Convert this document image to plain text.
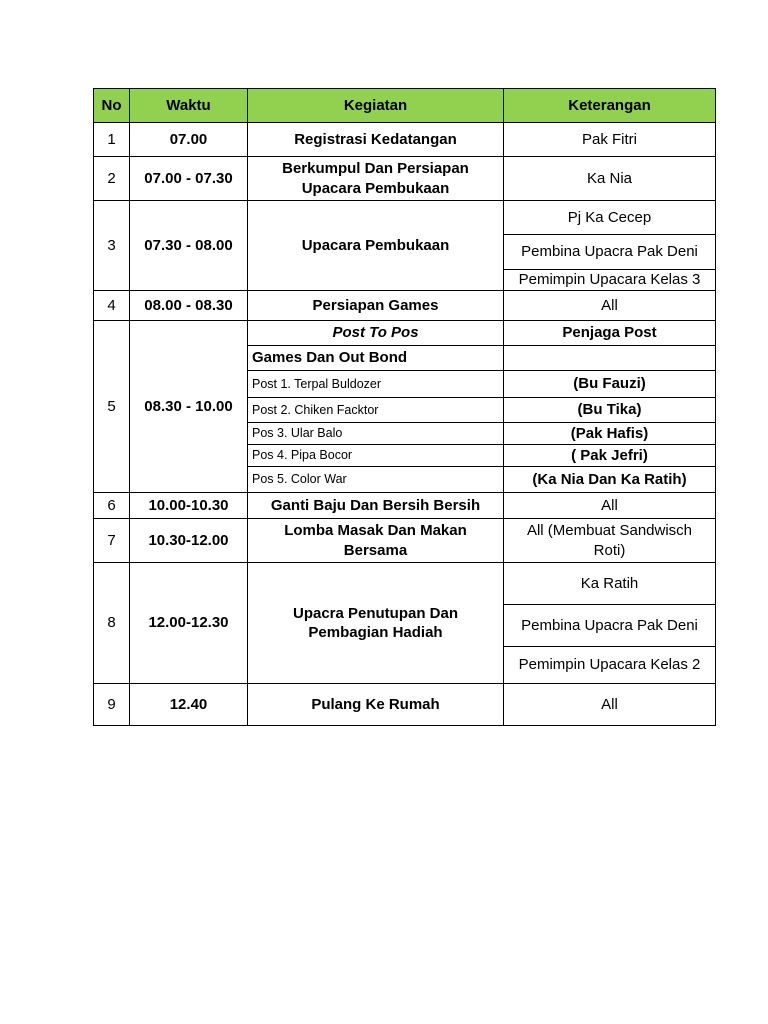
No	Waktu	Kegiatan	Keterangan
1	07.00	Registrasi Kedatangan	Pak Fitri
2	07.00 - 07.30	Berkumpul Dan Persiapan Upacara Pembukaan	Ka Nia
3	07.30 - 08.00	Upacara Pembukaan	Pj Ka Cecep
			Pembina Upacra Pak Deni
			Pemimpin Upacara Kelas 3
4	08.00 - 08.30	Persiapan Games	All
5	08.30 - 10.00	Post To Pos	Penjaga Post
		Games Dan Out Bond	
		Post 1. Terpal Buldozer	(Bu Fauzi)
		Post 2. Chiken Facktor	(Bu Tika)
		Pos 3. Ular Balo	(Pak Hafis)
		Pos 4. Pipa Bocor	( Pak Jefri)
		Pos 5. Color War	(Ka Nia Dan Ka Ratih)
6	10.00-10.30	Ganti Baju Dan Bersih Bersih	All
7	10.30-12.00	Lomba Masak Dan Makan Bersama	All (Membuat Sandwisch Roti)
8	12.00-12.30	Upacra Penutupan Dan Pembagian Hadiah	Ka Ratih
			Pembina Upacra Pak Deni
			Pemimpin Upacara Kelas 2
9	12.40	Pulang Ke Rumah	All
